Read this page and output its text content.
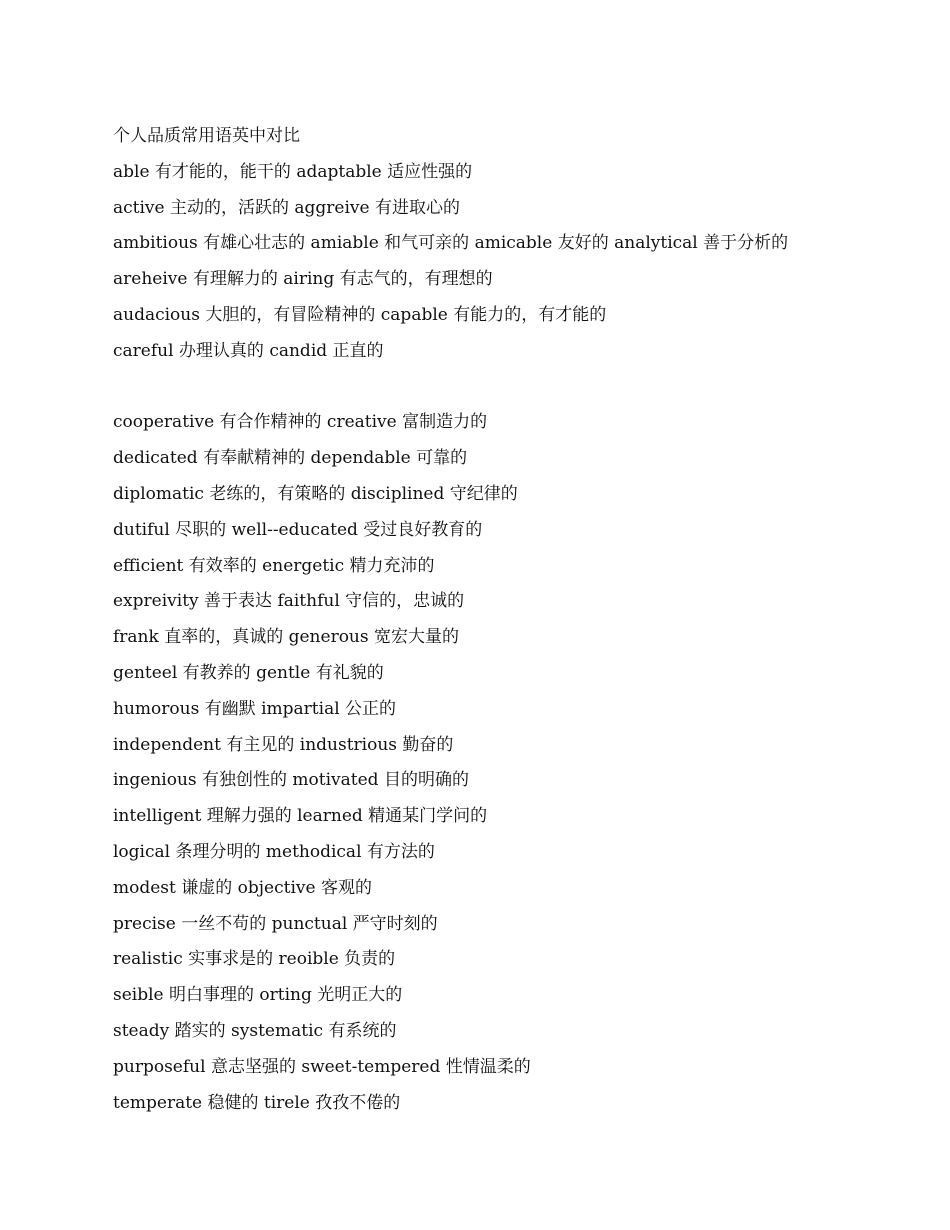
个人品质常用语英中对比
able 有才能的，能干的 adaptable 适应性强的
active 主动的，活跃的 aggreive 有进取心的
ambitious 有雄心壮志的 amiable 和气可亲的 amicable 友好的 analytical 善于分析的
areheive 有理解力的 airing 有志气的，有理想的
audacious 大胆的，有冒险精神的 capable 有能力的，有才能的
careful 办理认真的 candid 正直的
cooperative 有合作精神的 creative 富制造力的
dedicated 有奉献精神的 dependable 可靠的
diplomatic 老练的，有策略的 disciplined 守纪律的
dutiful 尽职的 well--educated 受过良好教育的
efficient 有效率的 energetic 精力充沛的
expreivity 善于表达 faithful 守信的，忠诚的
frank 直率的，真诚的 generous 宽宏大量的
genteel 有教养的 gentle 有礼貌的
humorous 有幽默 impartial 公正的
independent 有主见的 industrious 勤奋的
ingenious 有独创性的 motivated 目的明确的
intelligent 理解力强的 learned 精通某门学问的
logical 条理分明的 methodical 有方法的
modest 谦虚的 objective 客观的
precise 一丝不苟的 punctual 严守时刻的
realistic 实事求是的 reoible 负责的
seible 明白事理的 orting 光明正大的
steady 踏实的 systematic 有系统的
purposeful 意志坚强的 sweet-tempered 性情温柔的
temperate 稳健的 tirele 孜孜不倦的
